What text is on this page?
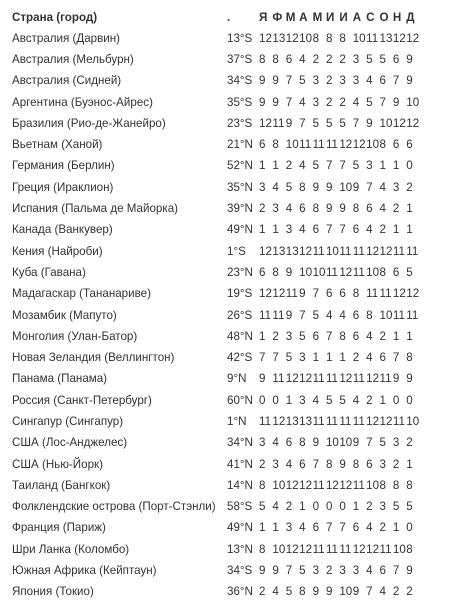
Страна (город)	.	Я	Ф	М	А	М	И	И	А	С	О	Н	Д
Австралия (Дарвин)	13°S	12	13	12	10	8	8	8	10	11	13	12	12
Австралия (Мельбурн)	37°S	8	8	6	4	2	2	2	3	5	5	6	9
Австралия (Сидней)	34°S	9	9	7	5	3	2	3	3	4	6	7	9
Аргентина (Буэнос-Айрес)	35°S	9	9	7	4	3	2	2	4	5	7	9	10
Бразилия (Рио-де-Жанейро)	23°S	12	11	9	7	5	5	5	7	9	10	12	12
Вьетнам (Ханой)	21°N	6	8	10	11	11	11	12	12	10	8	6	6
Германия (Берлин)	52°N	1	1	2	4	5	7	7	5	3	1	1	0
Греция (Ираклион)	35°N	3	4	5	8	9	9	10	9	7	4	3	2
Испания (Пальма де Майорка)	39°N	2	3	4	6	8	9	9	8	6	4	2	1
Канада (Ванкувер)	49°N	1	1	3	4	6	7	7	6	4	2	1	1
Кения (Найроби)	1°S	12	13	13	12	11	10	11	11	12	12	11	11
Куба (Гавана)	23°N	6	8	9	10	10	11	12	11	10	8	6	5
Мадагаскар (Тананариве)	19°S	12	12	11	9	7	6	6	8	11	11	12	12
Мозамбик (Мапуто)	26°S	11	11	9	7	5	4	4	6	8	10	11	11
Монголия (Улан-Батор)	48°N	1	2	3	5	6	7	8	6	4	2	1	1
Новая Зеландия (Веллингтон)	42°S	7	7	5	3	1	1	1	2	4	6	7	8
Панама (Панама)	9°N	9	11	12	12	11	11	12	11	12	11	9	9
Россия (Санкт-Петербург)	60°N	0	0	1	3	4	5	5	4	2	1	0	0
Сингапур (Сингапур)	1°N	11	12	13	13	11	11	11	11	12	12	11	10
США (Лос-Анджелес)	34°N	3	4	6	8	9	10	10	9	7	5	3	2
США (Нью-Йорк)	41°N	2	3	4	6	7	8	9	8	6	3	2	1
Таиланд (Бангкок)	14°N	8	10	12	12	11	12	12	11	10	8	8	8
Фолклендские острова (Порт-Стэнли)	58°S	5	4	2	1	0	0	0	1	2	3	5	5
Франция (Париж)	49°N	1	1	3	4	6	7	7	6	4	2	1	0
Шри Ланка (Коломбо)	13°N	8	10	12	12	11	11	11	12	12	11	10	8
Южная Африка (Кейптаун)	34°S	9	9	7	5	3	2	3	3	4	6	7	9
Япония (Токио)	36°N	2	4	5	8	9	9	10	9	7	4	2	2
